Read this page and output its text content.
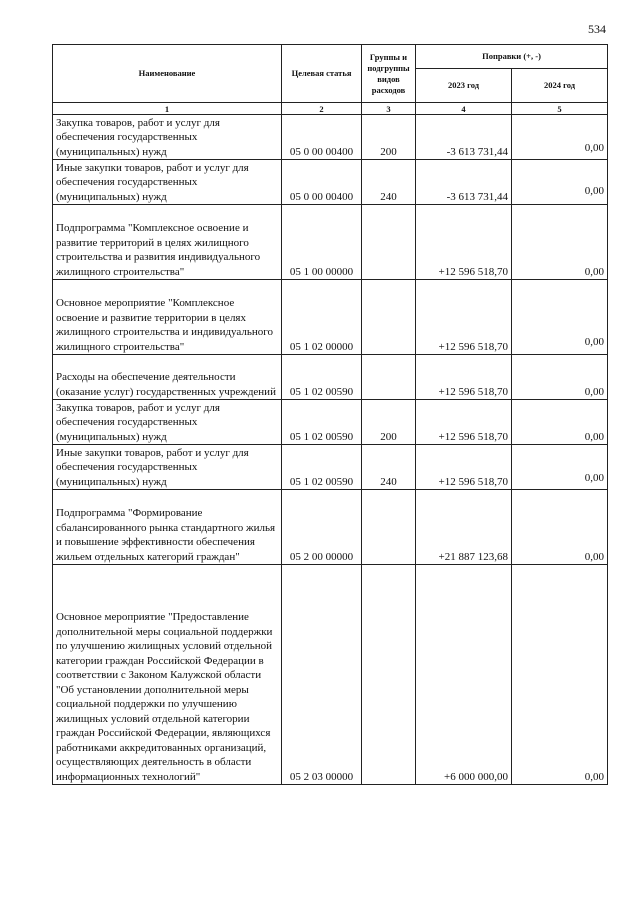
534
Наименование	Целевая статья	Группы и подгруппы видов расходов	Поправки (+, -)	
			2023 год	2024 год
1	2	3	4	5
Закупка товаров, работ и услуг для обеспечения государственных (муниципальных) нужд	05 0 00 00400	200	-3 613 731,44	0,00
Иные закупки товаров, работ и услуг для обеспечения государственных (муниципальных) нужд	05 0 00 00400	240	-3 613 731,44	0,00
Подпрограмма "Комплексное освоение и развитие территорий в целях жилищного строительства и развития индивидуального жилищного строительства"	05 1 00 00000		+12 596 518,70	0,00
Основное мероприятие "Комплексное освоение и развитие территории в целях жилищного строительства и индивидуального жилищного строительства"	05 1 02 00000		+12 596 518,70	0,00
Расходы на обеспечение деятельности (оказание услуг) государственных учреждений	05 1 02 00590		+12 596 518,70	0,00
Закупка товаров, работ и услуг для обеспечения государственных (муниципальных) нужд	05 1 02 00590	200	+12 596 518,70	0,00
Иные закупки товаров, работ и услуг для обеспечения государственных (муниципальных) нужд	05 1 02 00590	240	+12 596 518,70	0,00
Подпрограмма "Формирование сбалансированного рынка стандартного жилья и повышение эффективности обеспечения жильем отдельных категорий граждан"	05 2 00 00000		+21 887 123,68	0,00
Основное мероприятие "Предоставление дополнительной меры социальной поддержки по улучшению жилищных условий отдельной категории граждан Российской Федерации в соответствии с Законом Калужской области "Об установлении дополнительной меры социальной поддержки по улучшению жилищных условий отдельной категории граждан Российской Федерации, являющихся работниками аккредитованных организаций, осуществляющих деятельность в области информационных технологий"	05 2 03 00000		+6 000 000,00	0,00
